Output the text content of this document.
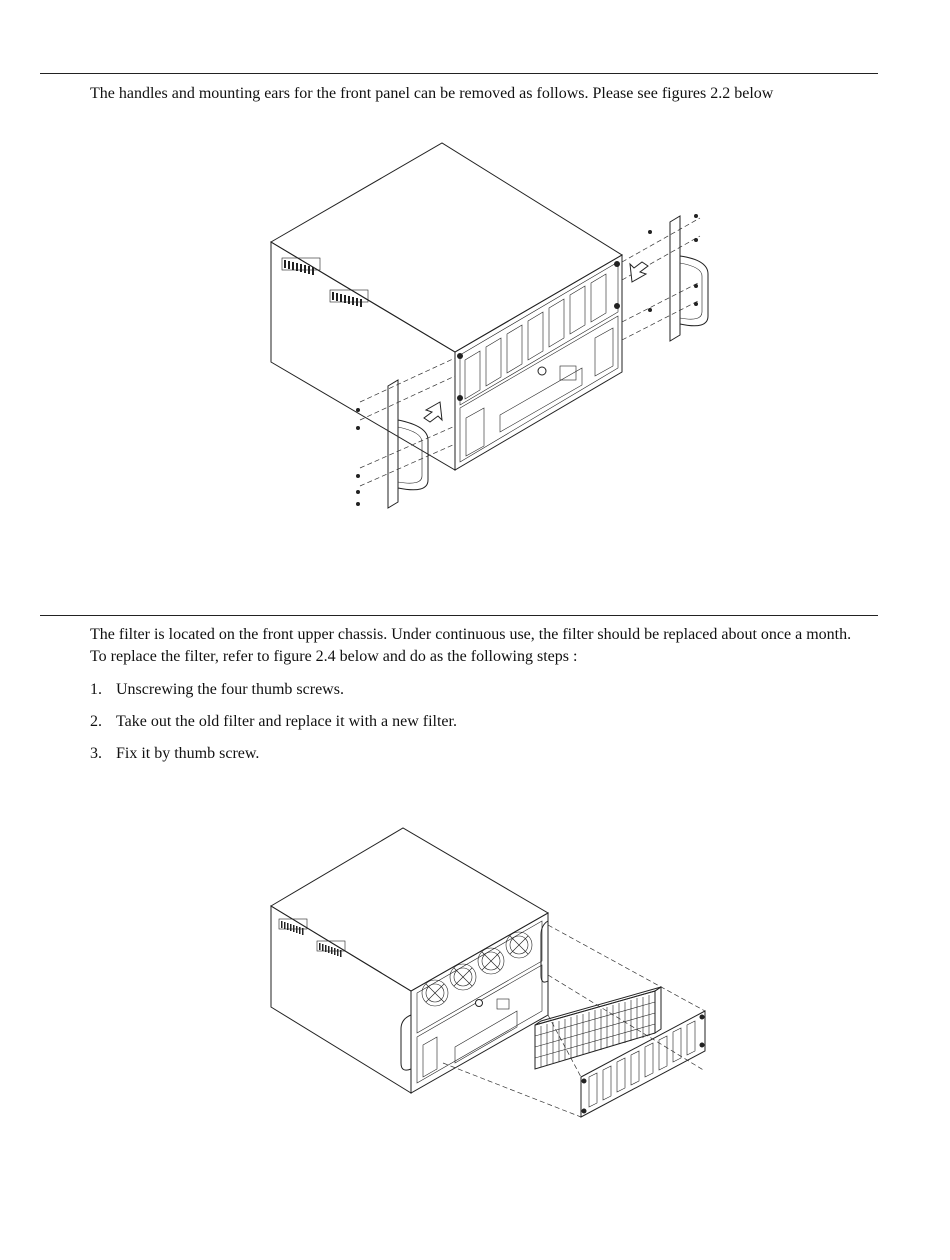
The handles and mounting ears for the front panel can be removed as follows. Please see figures 2.2 below
The filter is located on the front upper chassis. Under continuous use, the filter should be replaced about once a month. To replace the filter, refer to figure 2.4 below and do as the following steps :
1. Unscrewing the four thumb screws.
2. Take out the old filter and replace it with a new filter.
3. Fix it by thumb screw.
